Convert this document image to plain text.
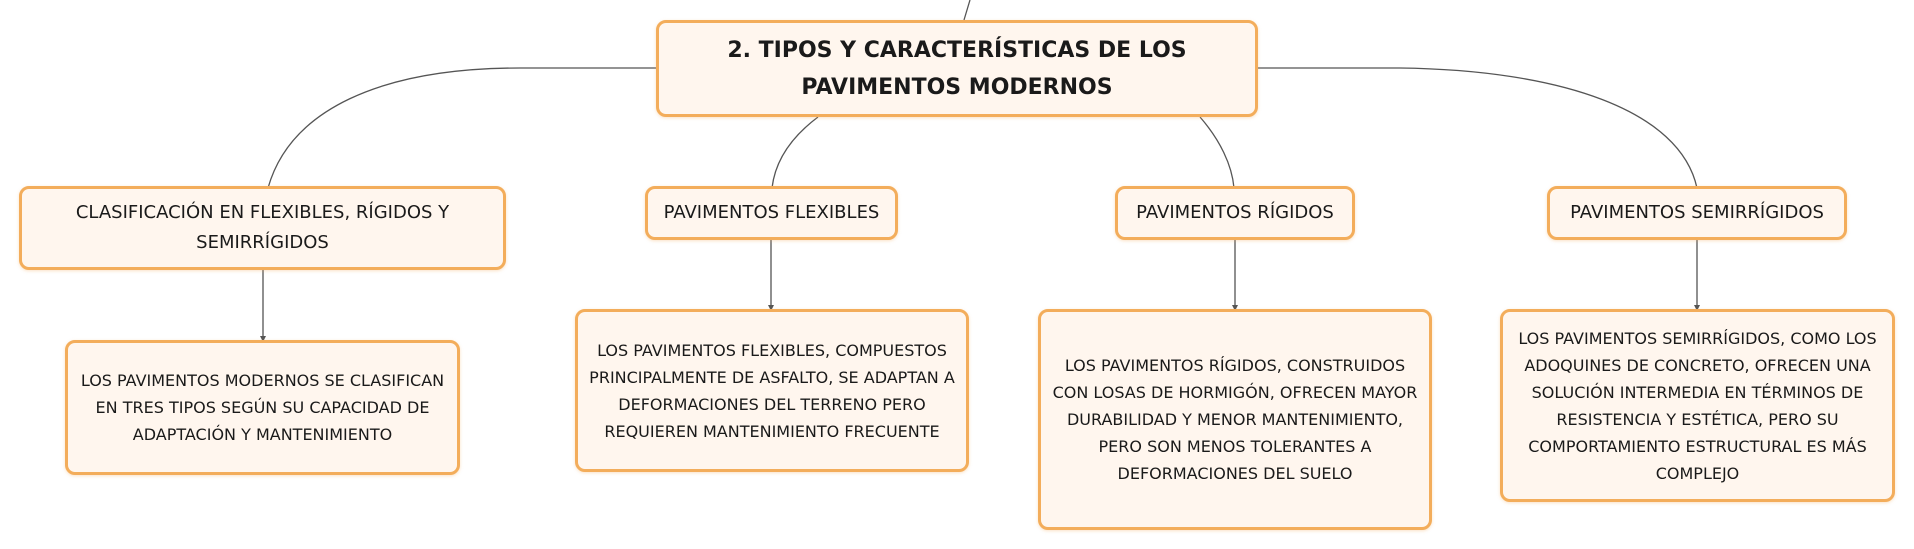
2. TIPOS Y CARACTERÍSTICAS DE LOS PAVIMENTOS MODERNOS
CLASIFICACIÓN EN FLEXIBLES, RÍGIDOS Y SEMIRRÍGIDOS
PAVIMENTOS FLEXIBLES	PAVIMENTOS RÍGIDOS	PAVIMENTOS SEMIRRÍGIDOS
LOS PAVIMENTOS MODERNOS SE CLASIFICAN EN TRES TIPOS SEGÚN SU CAPACIDAD DE ADAPTACIÓN Y MANTENIMIENTO
LOS PAVIMENTOS FLEXIBLES, COMPUESTOS PRINCIPALMENTE DE ASFALTO, SE ADAPTAN A DEFORMACIONES DEL TERRENO PERO REQUIEREN MANTENIMIENTO FRECUENTE
LOS PAVIMENTOS RÍGIDOS, CONSTRUIDOS CON LOSAS DE HORMIGÓN, OFRECEN MAYOR DURABILIDAD Y MENOR MANTENIMIENTO, PERO SON MENOS TOLERANTES A DEFORMACIONES DEL SUELO
LOS PAVIMENTOS SEMIRRÍGIDOS, COMO LOS ADOQUINES DE CONCRETO, OFRECEN UNA SOLUCIÓN INTERMEDIA EN TÉRMINOS DE RESISTENCIA Y ESTÉTICA, PERO SU COMPORTAMIENTO ESTRUCTURAL ES MÁS COMPLEJO
